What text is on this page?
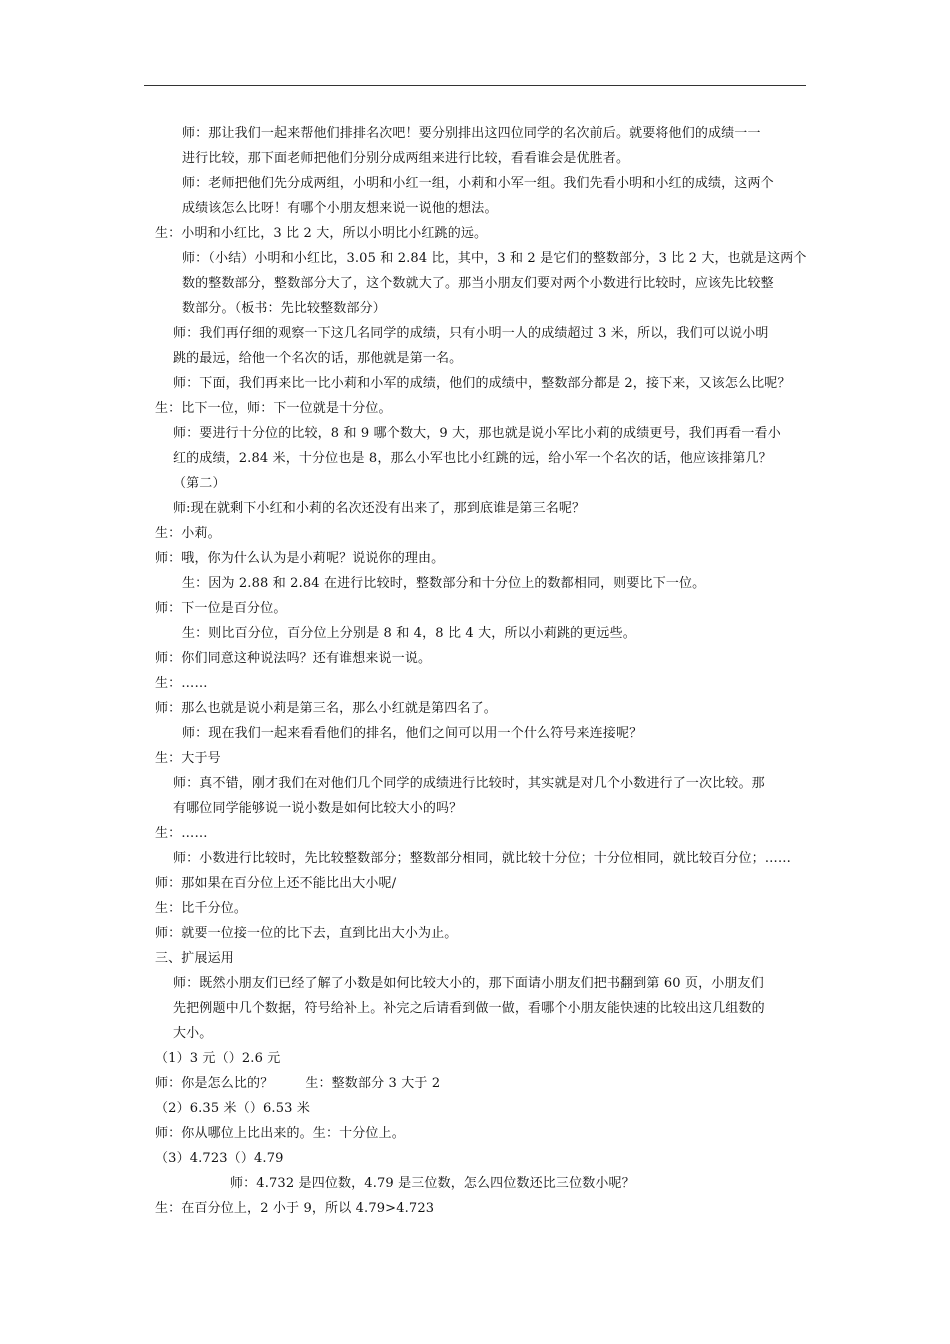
师：那让我们一起来帮他们排排名次吧！要分别排出这四位同学的名次前后。就要将他们的成绩一一
进行比较，那下面老师把他们分别分成两组来进行比较，看看谁会是优胜者。
师：老师把他们先分成两组，小明和小红一组，小莉和小军一组。我们先看小明和小红的成绩，这两个
成绩该怎么比呀！有哪个小朋友想来说一说他的想法。
生：小明和小红比，3 比 2 大，所以小明比小红跳的远。
师：（小结）小明和小红比，3.05 和 2.84 比，其中，3 和 2 是它们的整数部分，3 比 2 大，也就是这两个
数的整数部分，整数部分大了，这个数就大了。那当小朋友们要对两个小数进行比较时，应该先比较整
数部分。（板书：先比较整数部分）
师：我们再仔细的观察一下这几名同学的成绩，只有小明一人的成绩超过 3 米，所以，我们可以说小明
跳的最远，给他一个名次的话，那他就是第一名。
师：下面，我们再来比一比小莉和小军的成绩，他们的成绩中，整数部分都是 2，接下来，又该怎么比呢？
生：比下一位，师：下一位就是十分位。
师：要进行十分位的比较，8 和 9 哪个数大，9 大，那也就是说小军比小莉的成绩更号，我们再看一看小
红的成绩，2.84 米，十分位也是 8，那么小军也比小红跳的远，给小军一个名次的话，他应该排第几？
（第二）
师:现在就剩下小红和小莉的名次还没有出来了，那到底谁是第三名呢？
生：小莉。
师：哦，你为什么认为是小莉呢？说说你的理由。
生：因为 2.88 和 2.84 在进行比较时，整数部分和十分位上的数都相同，则要比下一位。
师：下一位是百分位。
生：则比百分位，百分位上分别是 8 和 4，8 比 4 大，所以小莉跳的更远些。
师：你们同意这种说法吗？还有谁想来说一说。
生：……
师：那么也就是说小莉是第三名，那么小红就是第四名了。
师：现在我们一起来看看他们的排名，他们之间可以用一个什么符号来连接呢？
生：大于号
师：真不错，刚才我们在对他们几个同学的成绩进行比较时，其实就是对几个小数进行了一次比较。那
有哪位同学能够说一说小数是如何比较大小的吗？
生：……
师：小数进行比较时，先比较整数部分；整数部分相同，就比较十分位；十分位相同，就比较百分位；……
师：那如果在百分位上还不能比出大小呢/
生：比千分位。
师：就要一位接一位的比下去，直到比出大小为止。
三、扩展运用
师：既然小朋友们已经了解了小数是如何比较大小的，那下面请小朋友们把书翻到第 60 页，小朋友们
先把例题中几个数据，符号给补上。补完之后请看到做一做，看哪个小朋友能快速的比较出这几组数的
大小。
（1）3 元（）2.6 元
师：你是怎么比的？ 生：整数部分 3 大于 2
（2）6.35 米（）6.53 米
师：你从哪位上比出来的。生：十分位上。
（3）4.723（）4.79
师：4.732 是四位数，4.79 是三位数，怎么四位数还比三位数小呢？
生：在百分位上，2 小于 9，所以 4.79>4.723
